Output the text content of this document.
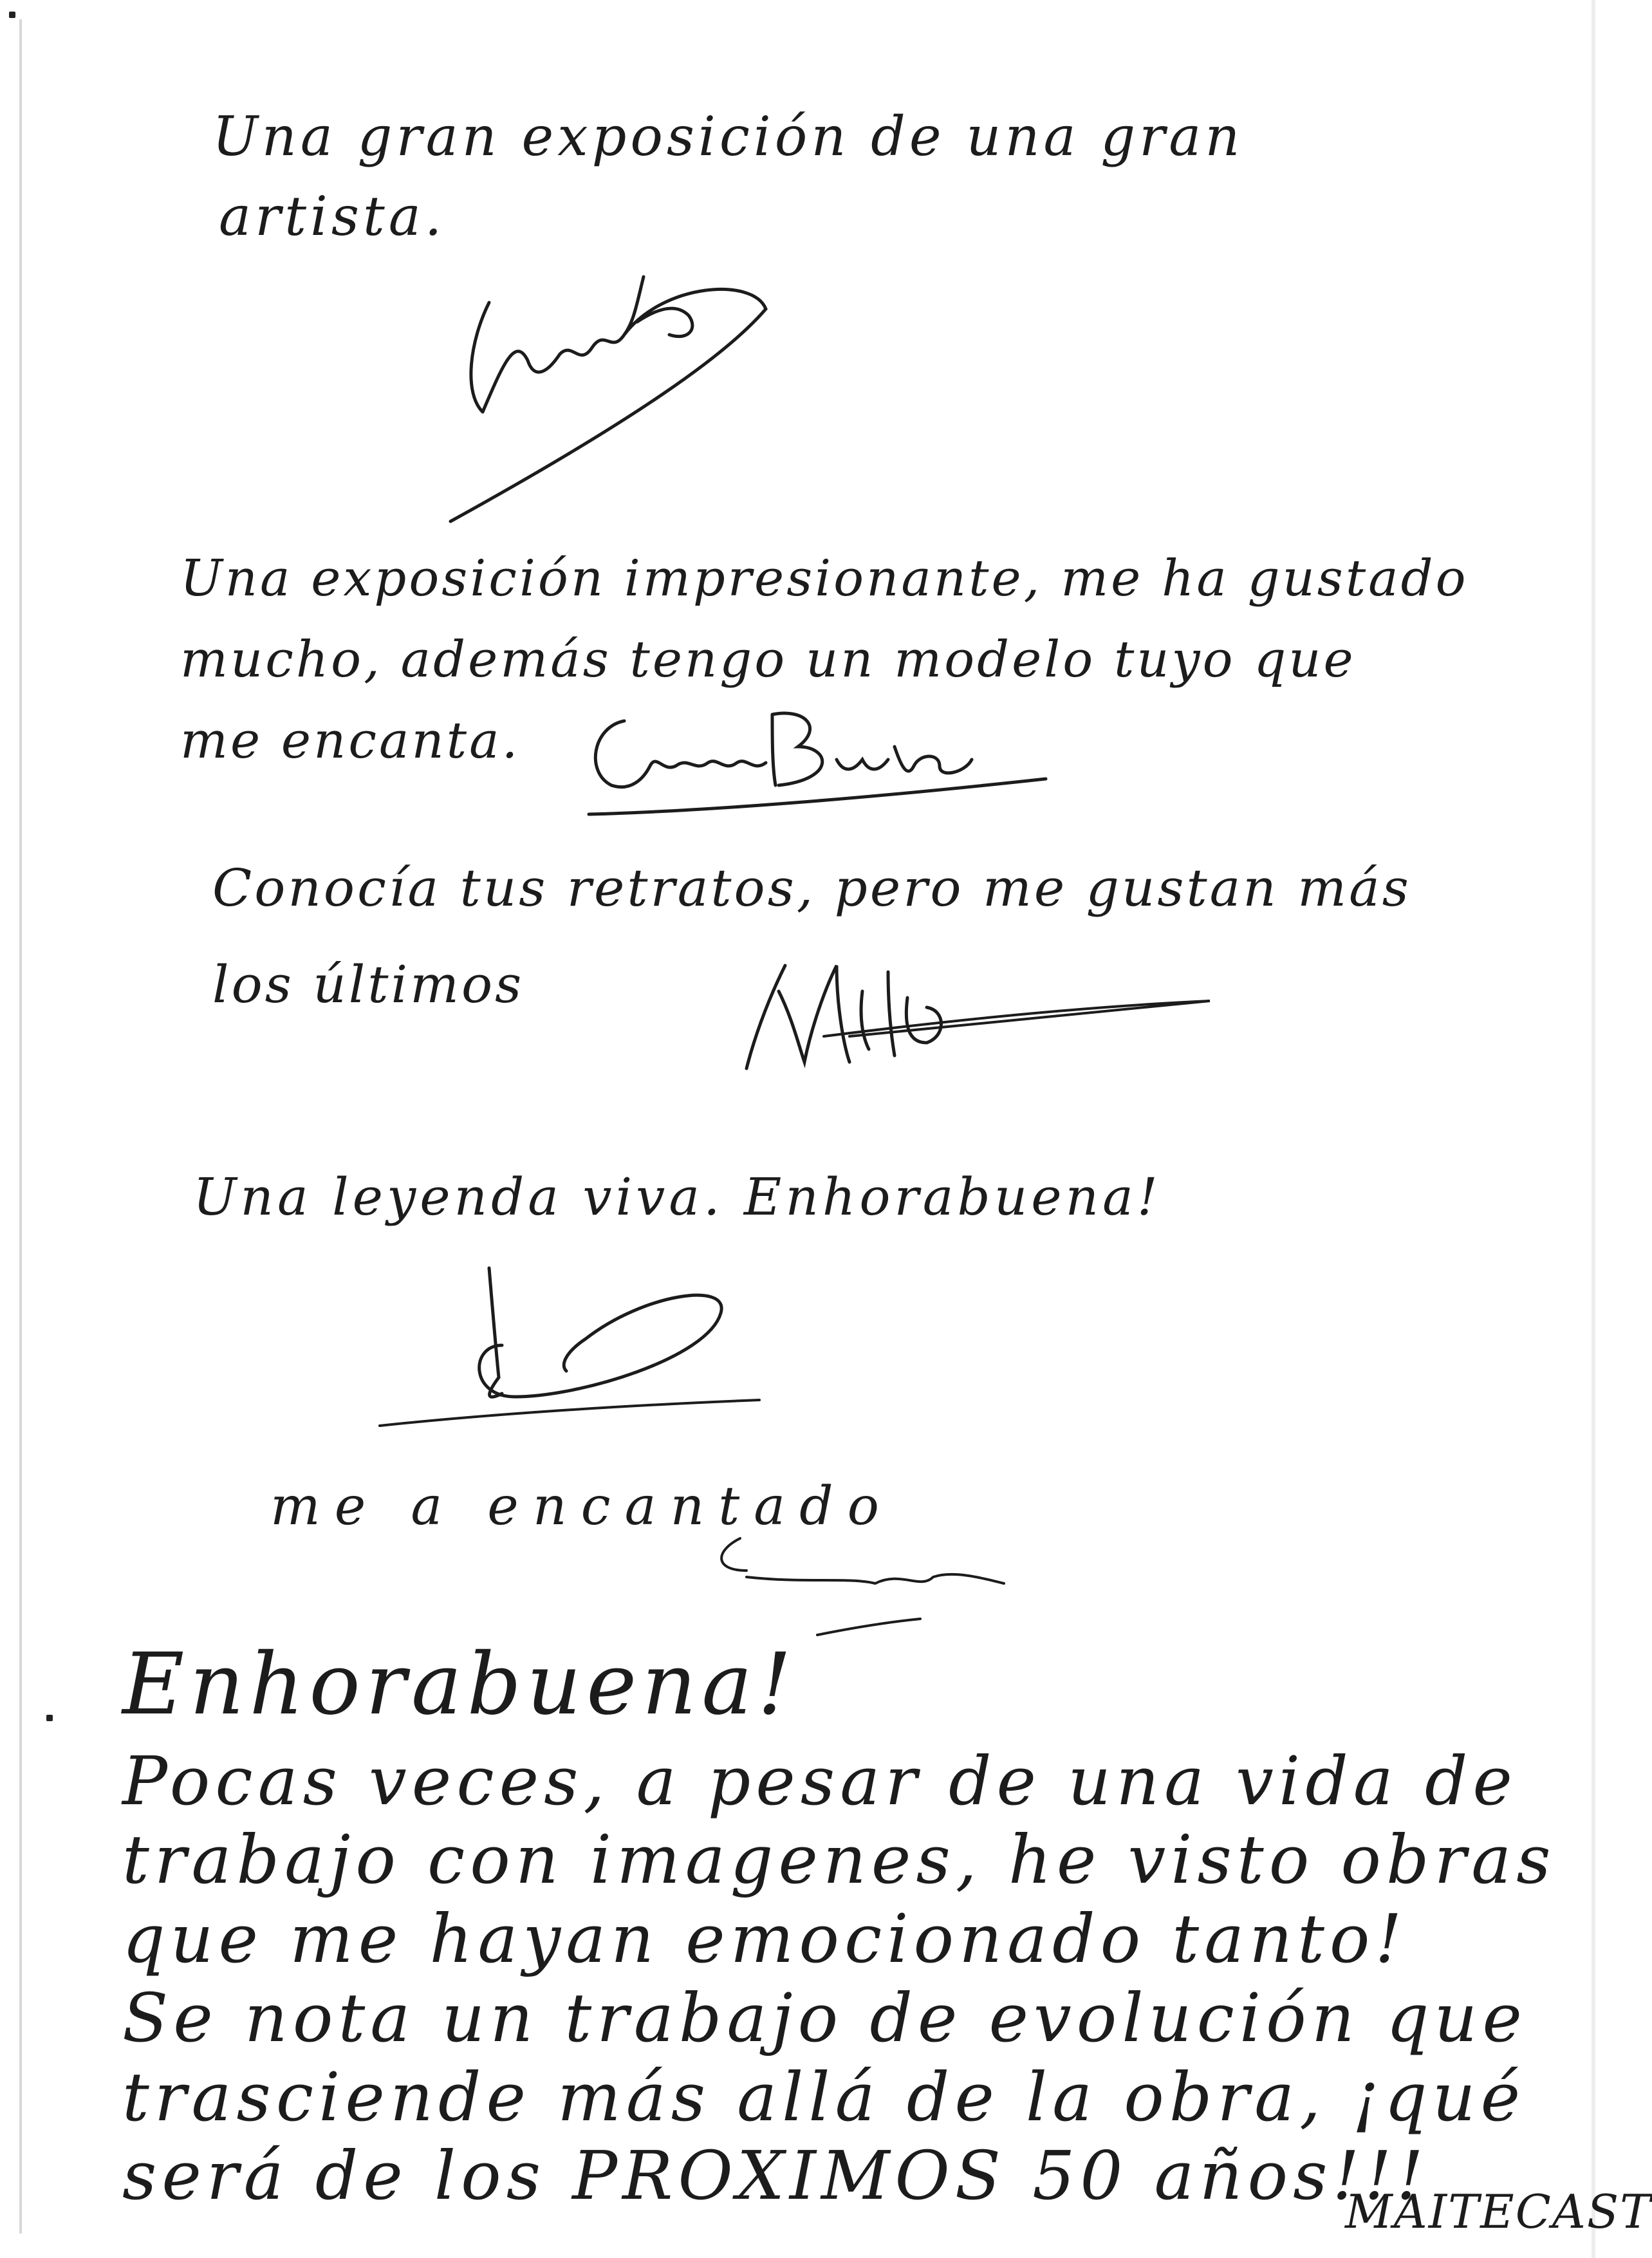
Una gran exposición de una gran
artista.
Una exposición impresionante, me ha gustado
mucho, además tengo un modelo tuyo que
me encanta.
Conocía tus retratos, pero me gustan más
los últimos
Una leyenda viva. Enhorabuena!
me a encantado
Enhorabuena!
Pocas veces, a pesar de una vida de
trabajo con imagenes, he visto obras
que me hayan emocionado tanto!
Se nota un trabajo de evolución que
trasciende más allá de la obra, ¡qué
será de los PROXIMOS 50 años!!!
MAITECAST
